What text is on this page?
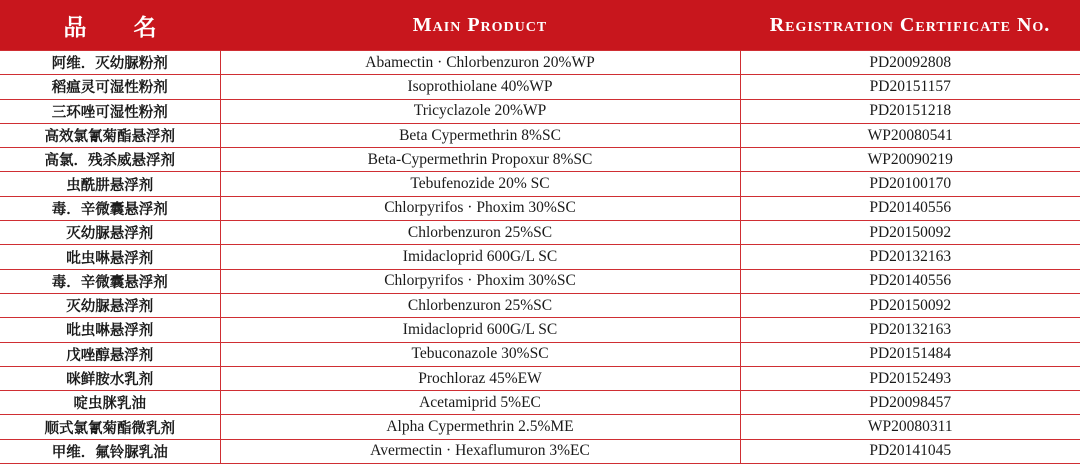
品　名	Main Product	Registration Certificate No.
阿维．灭幼脲粉剂	Abamectin · Chlorbenzuron 20%WP	PD20092808
稻瘟灵可湿性粉剂	Isoprothiolane 40%WP	PD20151157
三环唑可湿性粉剂	Tricyclazole 20%WP	PD20151218
高效氯氰菊酯悬浮剂	Beta Cypermethrin 8%SC	WP20080541
高氯．残杀威悬浮剂	Beta-Cypermethrin Propoxur 8%SC	WP20090219
虫酰肼悬浮剂	Tebufenozide 20% SC	PD20100170
毒．辛微囊悬浮剂	Chlorpyrifos · Phoxim 30%SC	PD20140556
灭幼脲悬浮剂	Chlorbenzuron 25%SC	PD20150092
吡虫啉悬浮剂	Imidacloprid 600G/L SC	PD20132163
毒．辛微囊悬浮剂	Chlorpyrifos · Phoxim 30%SC	PD20140556
灭幼脲悬浮剂	Chlorbenzuron 25%SC	PD20150092
吡虫啉悬浮剂	Imidacloprid 600G/L SC	PD20132163
戊唑醇悬浮剂	Tebuconazole 30%SC	PD20151484
咪鲜胺水乳剂	Prochloraz 45%EW	PD20152493
啶虫脒乳油	Acetamiprid 5%EC	PD20098457
顺式氯氰菊酯微乳剂	Alpha Cypermethrin 2.5%ME	WP20080311
甲维．氟铃脲乳油	Avermectin · Hexaflumuron 3%EC	PD20141045
